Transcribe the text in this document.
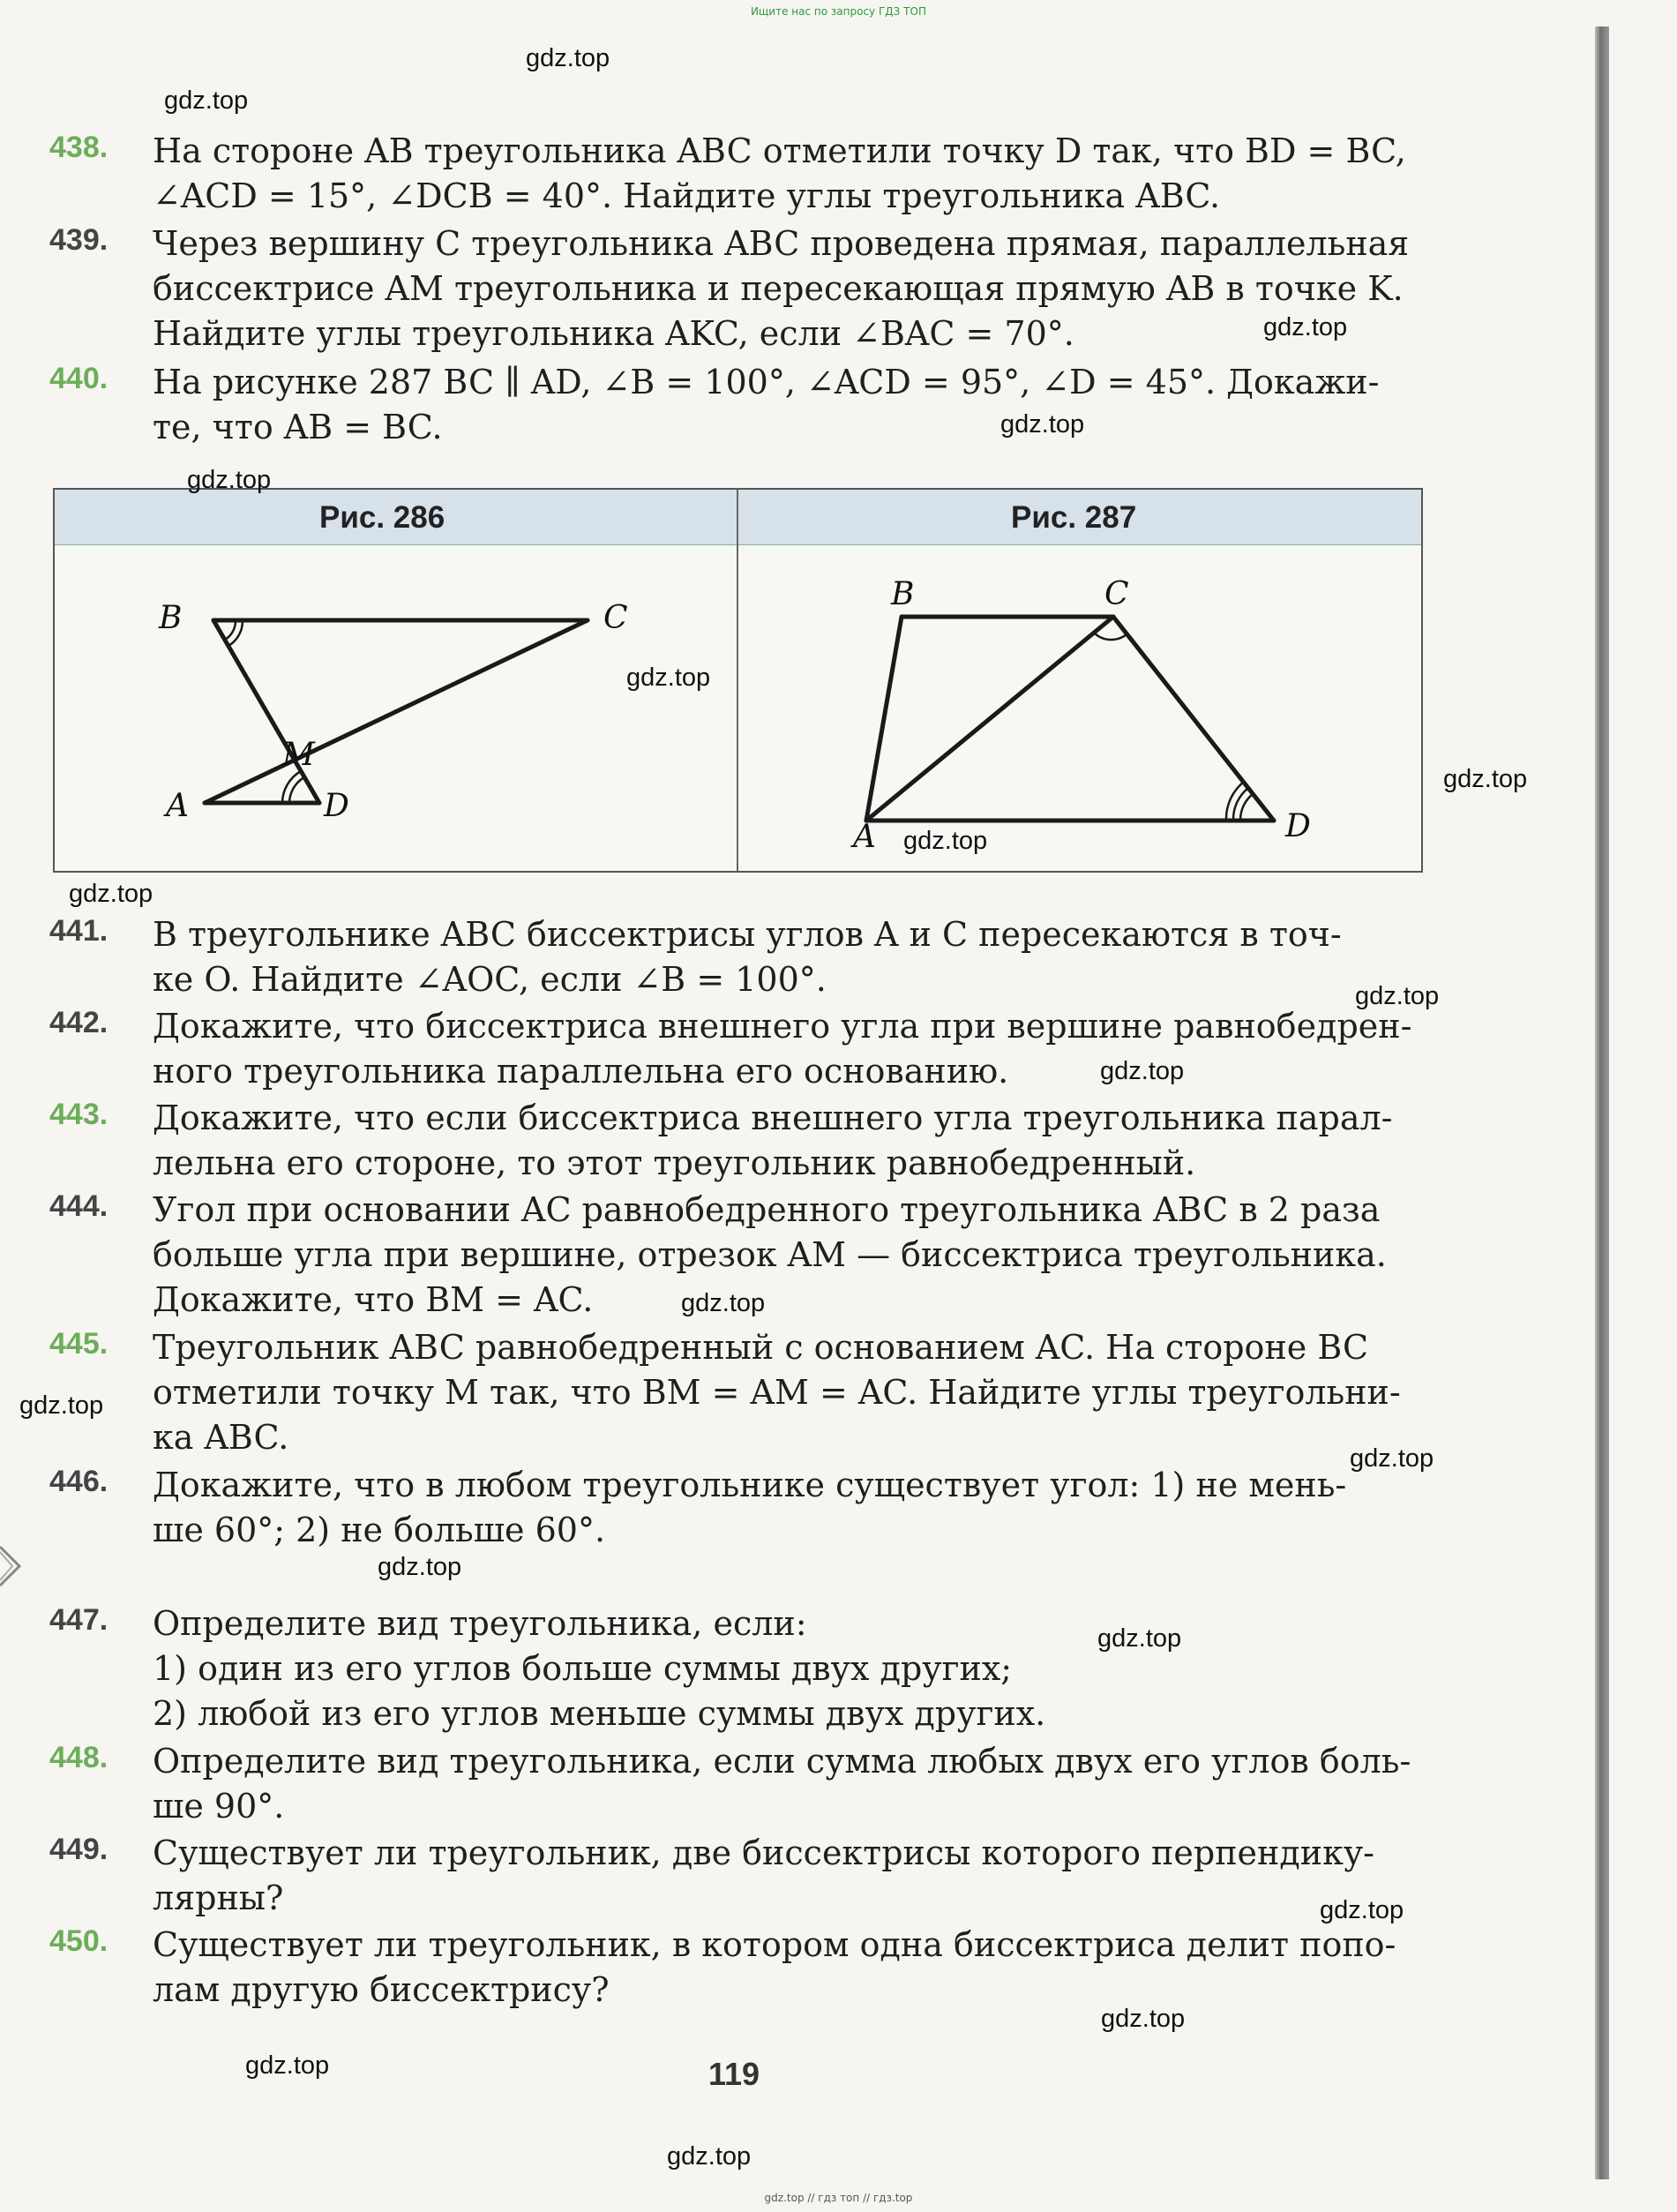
Ищите нас по запросу ГДЗ ТОП
438. На стороне AB треугольника ABC отметили точку D так, что BD = BC,
∠ACD = 15°, ∠DCB = 40°. Найдите углы треугольника ABC.
439. Через вершину C треугольника ABC проведена прямая, параллельная
биссектрисе AM треугольника и пересекающая прямую AB в точке K.
Найдите углы треугольника AKC, если ∠BAC = 70°.
440. На рисунке 287 BC ∥ AD, ∠B = 100°, ∠ACD = 95°, ∠D = 45°. Докажи-
те, что AB = BC.
Рис. 286	Рис. 287
B	C
M
A	D
B	C
A	D
441. В треугольнике ABC биссектрисы углов A и C пересекаются в точ-
ке O. Найдите ∠AOC, если ∠B = 100°.
442. Докажите, что биссектриса внешнего угла при вершине равнобедрен-
ного треугольника параллельна его основанию.
443. Докажите, что если биссектриса внешнего угла треугольника парал-
лельна его стороне, то этот треугольник равнобедренный.
444. Угол при основании AC равнобедренного треугольника ABC в 2 раза
больше угла при вершине, отрезок AM — биссектриса треугольника.
Докажите, что BM = AC.
445. Треугольник ABC равнобедренный с основанием AC. На стороне BC
отметили точку M так, что BM = AM = AC. Найдите углы треугольни-
ка ABC.
446. Докажите, что в любом треугольнике существует угол: 1) не мень-
ше 60°; 2) не больше 60°.
447. Определите вид треугольника, если:
1) один из его углов больше суммы двух других;
2) любой из его углов меньше суммы двух других.
448. Определите вид треугольника, если сумма любых двух его углов боль-
ше 90°.
449. Существует ли треугольник, две биссектрисы которого перпендику-
лярны?
450. Существует ли треугольник, в котором одна биссектриса делит попо-
лам другую биссектрису?
119
gdz.top
gdz.top
gdz.top
gdz.top
gdz.top
gdz.top
gdz.top
gdz.top
gdz.top
gdz.top
gdz.top
gdz.top
gdz.top
gdz.top
gdz.top
gdz.top
gdz.top
gdz.top
gdz.top
gdz.top
gdz.top // гдз топ // гдз.top
